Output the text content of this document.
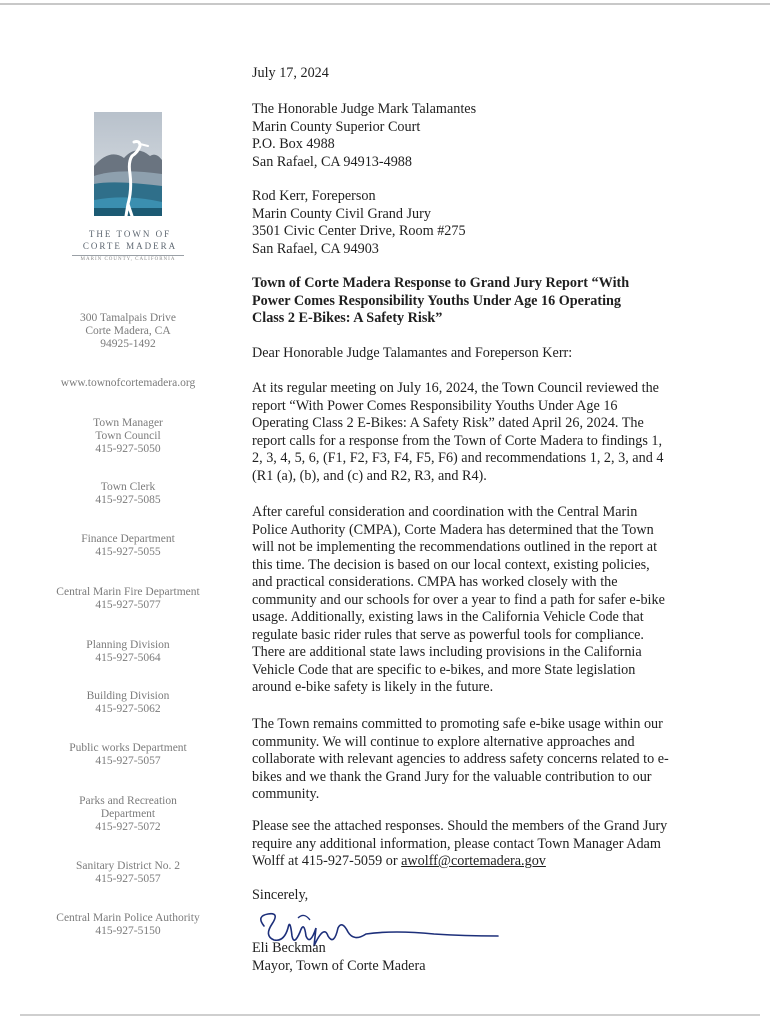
THE TOWN OF
CORTE MADERA
MARIN COUNTY, CALIFORNIA
300 Tamalpais Drive
Corte Madera, CA
94925-1492
www.townofcortemadera.org
Town Manager
Town Council
415-927-5050
Town Clerk
415-927-5085
Finance Department
415-927-5055
Central Marin Fire Department
415-927-5077
Planning Division
415-927-5064
Building Division
415-927-5062
Public works Department
415-927-5057
Parks and Recreation
Department
415-927-5072
Sanitary District No. 2
415-927-5057
Central Marin Police Authority
415-927-5150
July 17, 2024

The Honorable Judge Mark Talamantes

Marin County Superior Court

P.O. Box 4988

San Rafael, CA 94913-4988

Rod Kerr, Foreperson

Marin County Civil Grand Jury

3501 Civic Center Drive, Room #275

San Rafael, CA 94903

Town of Corte Madera Response to Grand Jury Report “With

Power Comes Responsibility Youths Under Age 16 Operating

Class 2 E-Bikes: A Safety Risk”

Dear Honorable Judge Talamantes and Foreperson Kerr:

At its regular meeting on July 16, 2024, the Town Council reviewed the

report “With Power Comes Responsibility Youths Under Age 16

Operating Class 2 E-Bikes: A Safety Risk” dated April 26, 2024. The

report calls for a response from the Town of Corte Madera to findings 1,

2, 3, 4, 5, 6, (F1, F2, F3, F4, F5, F6) and recommendations 1, 2, 3, and 4

(R1 (a), (b), and (c) and R2, R3, and R4).

After careful consideration and coordination with the Central Marin

Police Authority (CMPA), Corte Madera has determined that the Town

will not be implementing the recommendations outlined in the report at

this time. The decision is based on our local context, existing policies,

and practical considerations. CMPA has worked closely with the

community and our schools for over a year to find a path for safer e-bike

usage. Additionally, existing laws in the California Vehicle Code that

regulate basic rider rules that serve as powerful tools for compliance.

There are additional state laws including provisions in the California

Vehicle Code that are specific to e-bikes, and more State legislation

around e-bike safety is likely in the future.

The Town remains committed to promoting safe e-bike usage within our

community. We will continue to explore alternative approaches and

collaborate with relevant agencies to address safety concerns related to e-

bikes and we thank the Grand Jury for the valuable contribution to our

community.

Please see the attached responses. Should the members of the Grand Jury

require any additional information, please contact Town Manager Adam

Wolff at 415-927-5059 or awolff@cortemadera.gov

Sincerely,
Eli Beckman
Mayor, Town of Corte Madera
